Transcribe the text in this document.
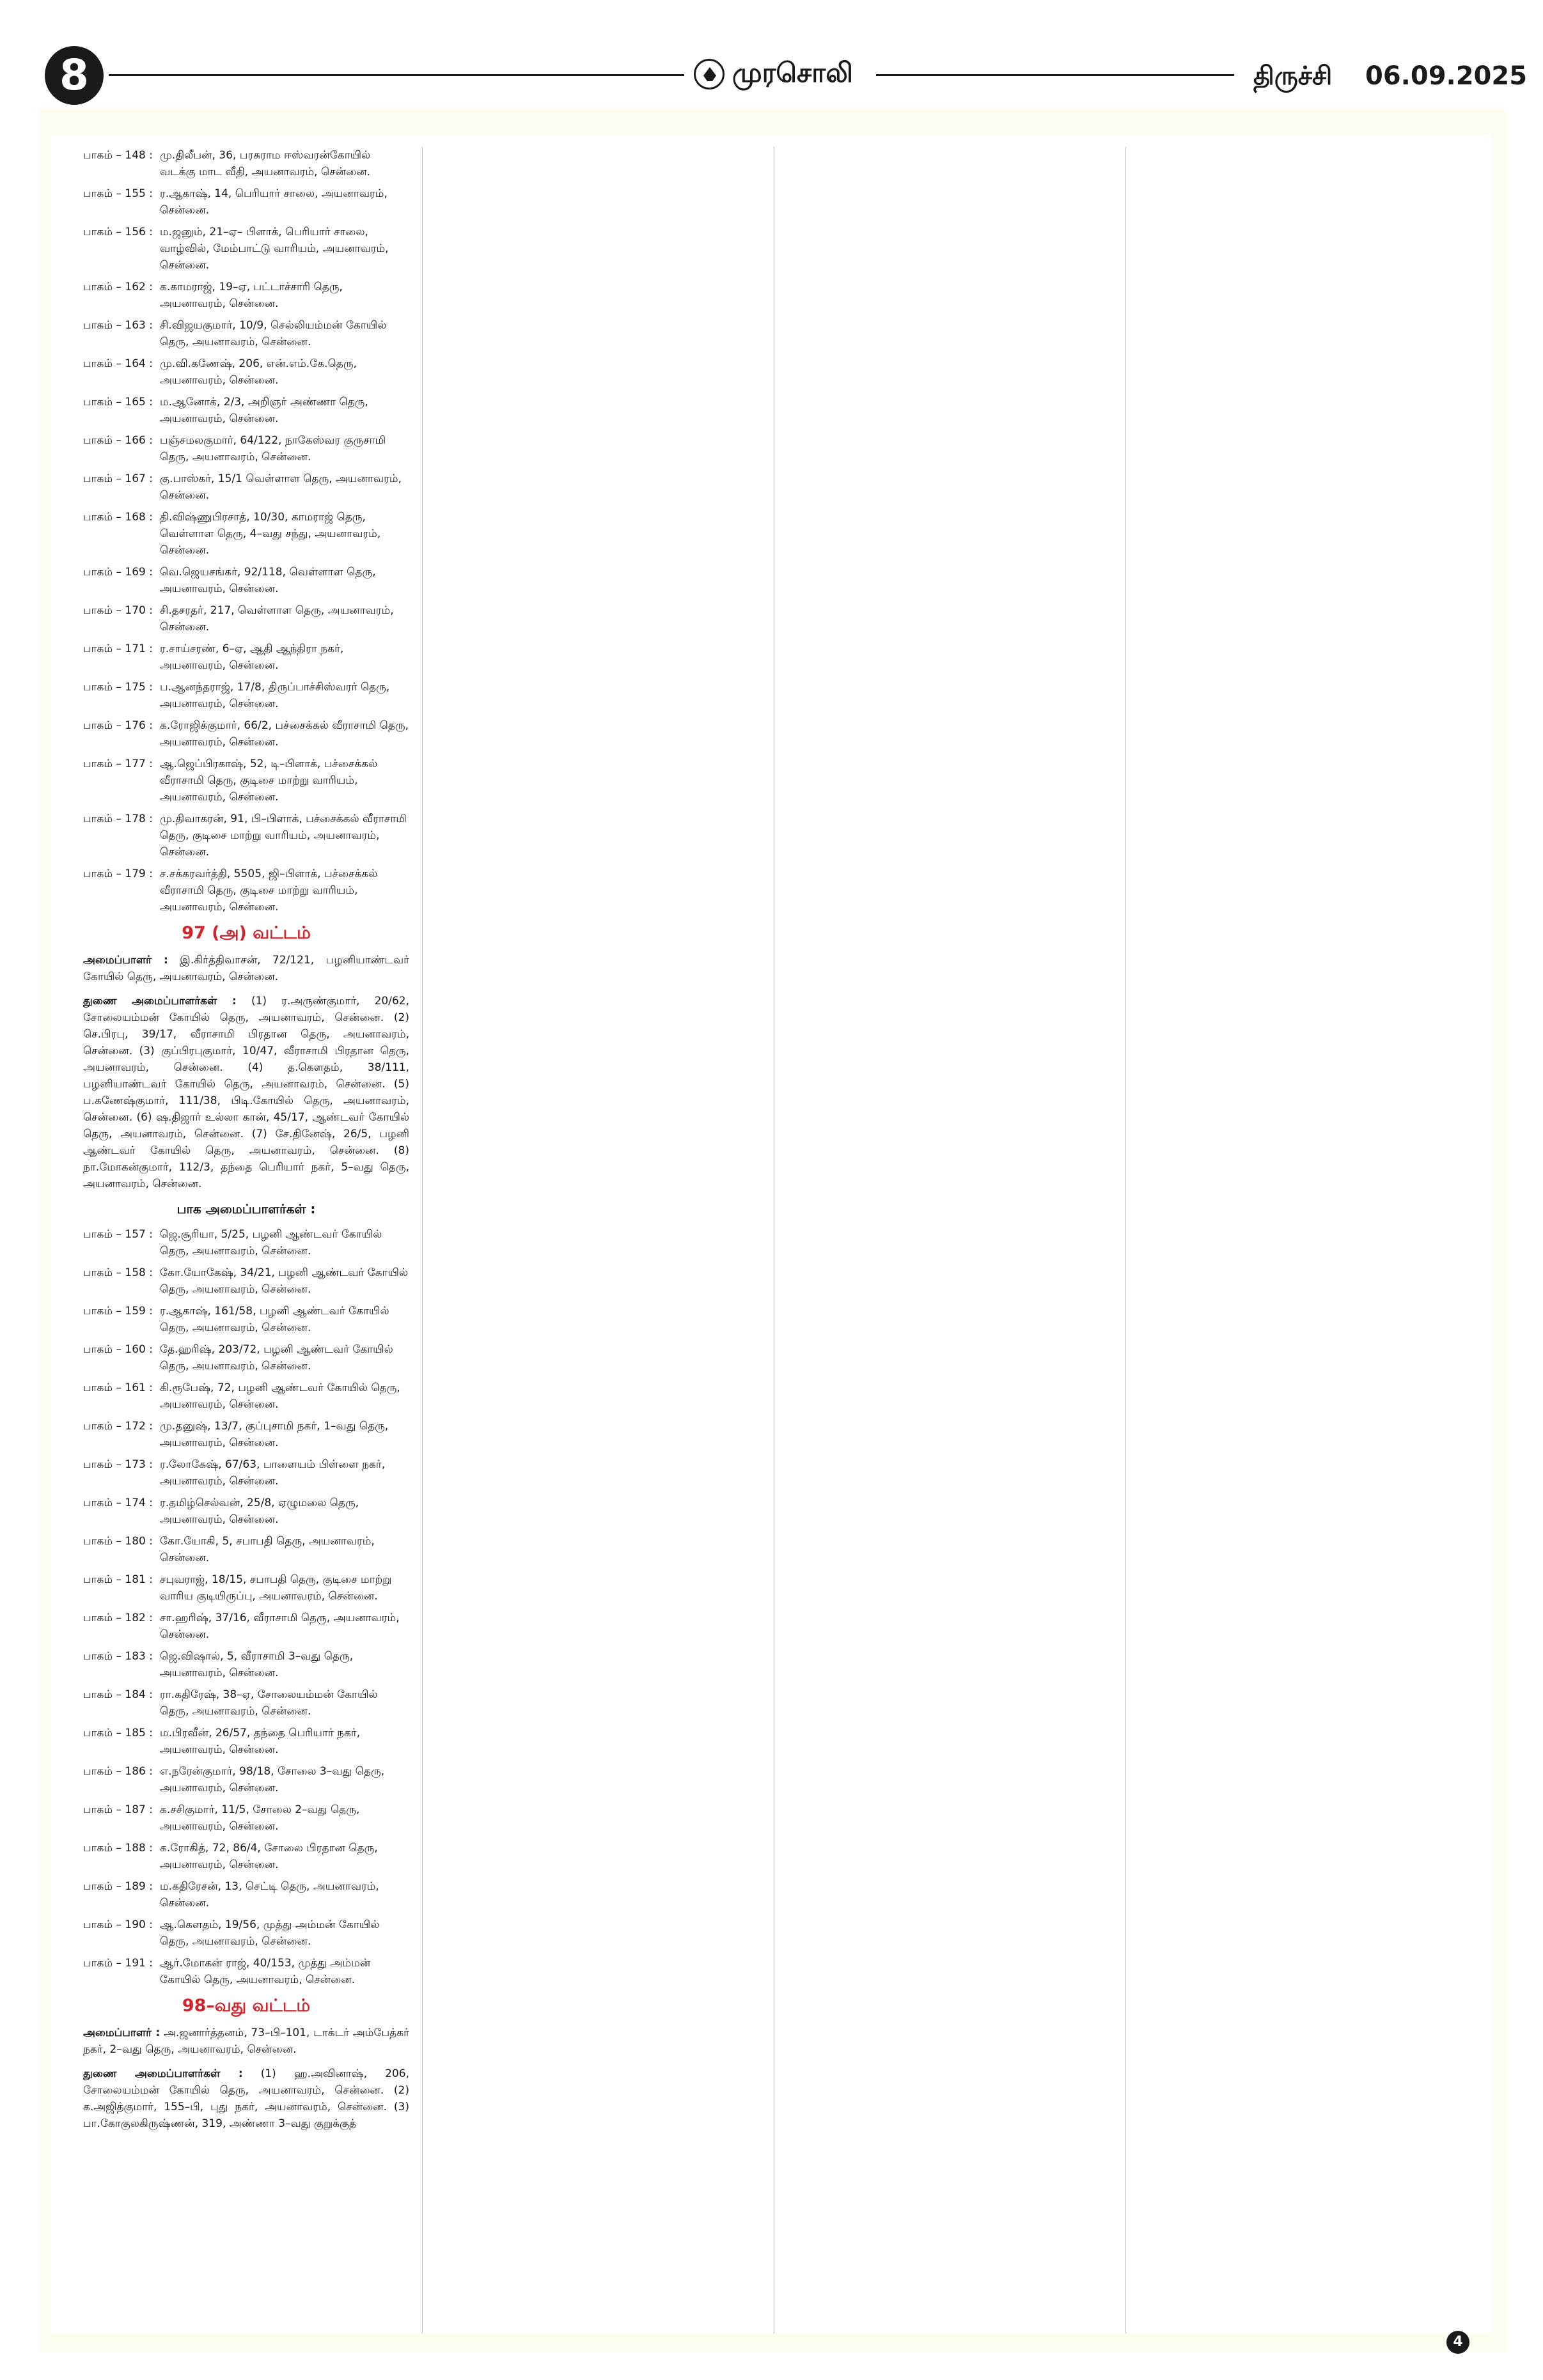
8	முரசொலி	திருச்சி 06.09.2025
பாகம் – 148 : மு.திலீபன், 36, பரசுராம ஈஸ்வரன்கோயில் வடக்கு மாட வீதி, அயனாவரம், சென்னை.
பாகம் – 155 : ர.ஆகாஷ், 14, பெரியார் சாலை, அயனாவரம், சென்னை.
பாகம் – 156 : ம.ஜனும், 21–ஏ– பிளாக், பெரியார் சாலை, வாழ்வில், மேம்பாட்டு வாரியம், அயனாவரம், சென்னை.
பாகம் – 162 : க.காமராஜ், 19–ஏ, பட்டாச்சாரி தெரு, அயனாவரம், சென்னை.
பாகம் – 163 : சி.விஜயகுமார், 10/9, செல்லியம்மன் கோயில் தெரு, அயனாவரம், சென்னை.
பாகம் – 164 : மு.வி.கணேஷ், 206, என்.எம்.கே.தெரு, அயனாவரம், சென்னை.
பாகம் – 165 : ம.ஆனோக், 2/3, அறிஞர் அண்ணா தெரு, அயனாவரம், சென்னை.
பாகம் – 166 : பஞ்சமலகுமார், 64/122, நாகேஸ்வர குருசாமி தெரு, அயனாவரம், சென்னை.
பாகம் – 167 : கு.பாஸ்கர், 15/1 வெள்ளாள தெரு, அயனாவரம், சென்னை.
பாகம் – 168 : தி.விஷ்ணுபிரசாத், 10/30, காமராஜ் தெரு, வெள்ளாள தெரு, 4–வது சந்து, அயனாவரம், சென்னை.
பாகம் – 169 : வெ.ஜெயசங்கர், 92/118, வெள்ளாள தெரு, அயனாவரம், சென்னை.
பாகம் – 170 : சி.தசரதர், 217, வெள்ளாள தெரு, அயனாவரம், சென்னை.
பாகம் – 171 : ர.சாய்சரண், 6–ஏ, ஆதி ஆந்திரா நகர், அயனாவரம், சென்னை.
பாகம் – 175 : ப.ஆனந்தராஜ், 17/8, திருப்பாச்சிஸ்வரர் தெரு, அயனாவரம், சென்னை.
பாகம் – 176 : க.ரோஜிக்குமார், 66/2, பச்சைக்கல் வீராசாமி தெரு, அயனாவரம், சென்னை.
பாகம் – 177 : ஆ.ஜெப்பிரகாஷ், 52, டி–பிளாக், பச்சைக்கல் வீராசாமி தெரு, குடிசை மாற்று வாரியம், அயனாவரம், சென்னை.
பாகம் – 178 : மு.திவாகரன், 91, பி–பிளாக், பச்சைக்கல் வீராசாமி தெரு, குடிசை மாற்று வாரியம், அயனாவரம், சென்னை.
பாகம் – 179 : ச.சக்கரவர்த்தி, 5505, ஜி–பிளாக், பச்சைக்கல் வீராசாமி தெரு, குடிசை மாற்று வாரியம், அயனாவரம், சென்னை.
97 (அ) வட்டம்
அமைப்பாளர் : இ.கிர்த்திவாசன், 72/121, பழனியாண்டவர் கோயில் தெரு, அயனாவரம், சென்னை.
துணை அமைப்பாளர்கள் : (1) ர.அருண்குமார், 20/62, சோலையம்மன் கோயில் தெரு, அயனாவரம், சென்னை. (2) செ.பிரபு, 39/17, வீராசாமி பிரதான தெரு, அயனாவரம், சென்னை. (3) குப்பிரபுகுமார், 10/47, வீராசாமி பிரதான தெரு, அயனாவரம், சென்னை. (4) த.கௌதம், 38/111, பழனியாண்டவர் கோயில் தெரு, அயனாவரம், சென்னை. (5) ப.கணேஷ்குமார், 111/38, பிடி.கோயில் தெரு, அயனாவரம், சென்னை. (6) ஷ.திஜார் உல்லா கான், 45/17, ஆண்டவர் கோயில் தெரு, அயனாவரம், சென்னை. (7) சே.தினேஷ், 26/5, பழனி ஆண்டவர் கோயில் தெரு, அயனாவரம், சென்னை. (8) நா.மோகன்குமார், 112/3, தந்தை பெரியார் நகர், 5–வது தெரு, அயனாவரம், சென்னை.
பாக அமைப்பாளர்கள் :
பாகம் – 157 : ஜெ.சூரியா, 5/25, பழனி ஆண்டவர் கோயில் தெரு, அயனாவரம், சென்னை.
பாகம் – 158 : கோ.யோகேஷ், 34/21, பழனி ஆண்டவர் கோயில் தெரு, அயனாவரம், சென்னை.
பாகம் – 159 : ர.ஆகாஷ், 161/58, பழனி ஆண்டவர் கோயில் தெரு, அயனாவரம், சென்னை.
பாகம் – 160 : தே.ஹரிஷ், 203/72, பழனி ஆண்டவர் கோயில் தெரு, அயனாவரம், சென்னை.
பாகம் – 161 : கி.ரூபேஷ், 72, பழனி ஆண்டவர் கோயில் தெரு, அயனாவரம், சென்னை.
பாகம் – 172 : மு.தனுஷ், 13/7, குப்புசாமி நகர், 1–வது தெரு, அயனாவரம், சென்னை.
பாகம் – 173 : ர.லோகேஷ், 67/63, பாளையம் பிள்ளை நகர், அயனாவரம், சென்னை.
பாகம் – 174 : ர.தமிழ்செல்வன், 25/8, ஏழுமலை தெரு, அயனாவரம், சென்னை.
பாகம் – 180 : கோ.யோகி, 5, சபாபதி தெரு, அயனாவரம், சென்னை.
பாகம் – 181 : சபுவராஜ், 18/15, சபாபதி தெரு, குடிசை மாற்று வாரிய குடியிருப்பு, அயனாவரம், சென்னை.
பாகம் – 182 : சா.ஹரிஷ், 37/16, வீராசாமி தெரு, அயனாவரம், சென்னை.
பாகம் – 183 : ஜெ.விஷால், 5, வீராசாமி 3–வது தெரு, அயனாவரம், சென்னை.
பாகம் – 184 : ரா.கதிரேஷ், 38–ஏ, சோலையம்மன் கோயில் தெரு, அயனாவரம், சென்னை.
பாகம் – 185 : ம.பிரவீன், 26/57, தந்தை பெரியார் நகர், அயனாவரம், சென்னை.
பாகம் – 186 : எ.நரேன்குமார், 98/18, சோலை 3–வது தெரு, அயனாவரம், சென்னை.
பாகம் – 187 : க.சசிகுமார், 11/5, சோலை 2–வது தெரு, அயனாவரம், சென்னை.
பாகம் – 188 : க.ரோகித், 72, 86/4, சோலை பிரதான தெரு, அயனாவரம், சென்னை.
பாகம் – 189 : ம.கதிரேசன், 13, செட்டி தெரு, அயனாவரம், சென்னை.
பாகம் – 190 : ஆ.கௌதம், 19/56, முத்து அம்மன் கோயில் தெரு, அயனாவரம், சென்னை.
பாகம் – 191 : ஆர்.மோகன் ராஜ், 40/153, முத்து அம்மன் கோயில் தெரு, அயனாவரம், சென்னை.
98–வது வட்டம்
அமைப்பாளர் : அ.ஜனார்த்தனம், 73–பி–101, டாக்டர் அம்பேத்கர் நகர், 2–வது தெரு, அயனாவரம், சென்னை.
துணை அமைப்பாளர்கள் : (1) ஹ.அவினாஷ், 206, சோலையம்மன் கோயில் தெரு, அயனாவரம், சென்னை. (2) க.அஜித்குமார், 155–பி, புது நகர், அயனாவரம், சென்னை. (3) பா.கோகுலகிருஷ்ணன், 319, அண்ணா 3–வது குறுக்குத்
4
